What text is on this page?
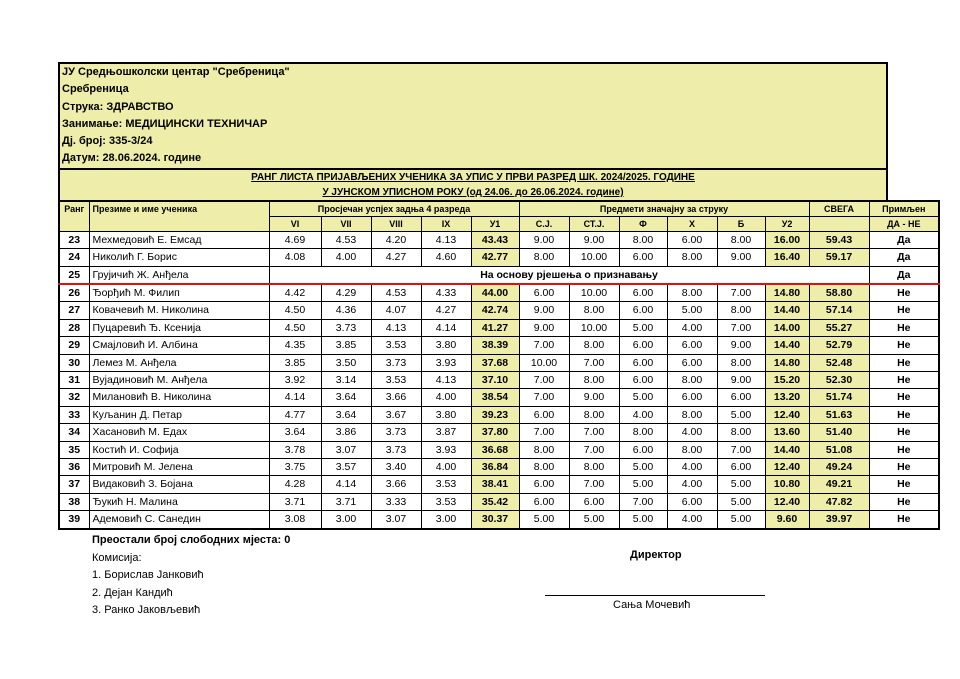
ЈУ Средњошколски центар "Сребреница"
Сребреница
Струка: ЗДРАВСТВО
Занимање: МЕДИЦИНСКИ ТЕХНИЧАР
Дј. број: 335-3/24
Датум: 28.06.2024. године
РАНГ ЛИСТА ПРИЈАВЉЕНИХ УЧЕНИКА ЗА УПИС У ПРВИ РАЗРЕД ШК. 2024/2025. ГОДИНЕ
У ЈУНСКОМ УПИСНОМ РОКУ (од 24.06. до 26.06.2024. године)
Ранг	Презиме и име ученика	Просјечан успјех задња 4 разреда					Предмети значајну за струку						СВЕГА	Примљен
		VI	VII	VIII	IX	У1	С.Ј.	СТ.Ј.	Ф	Х	Б	У2		ДА - НЕ
23	Мехмедовић Е. Емсад	4.69	4.53	4.20	4.13	43.43	9.00	9.00	8.00	6.00	8.00	16.00	59.43	Да
24	Николић Г. Борис	4.08	4.00	4.27	4.60	42.77	8.00	10.00	6.00	8.00	9.00	16.40	59.17	Да
25	Грујичић Ж. Анђела	На основу рјешења о признавању												Да
26	Ђорђић М. Филип	4.42	4.29	4.53	4.33	44.00	6.00	10.00	6.00	8.00	7.00	14.80	58.80	Не
27	Ковачевић М. Николина	4.50	4.36	4.07	4.27	42.74	9.00	8.00	6.00	5.00	8.00	14.40	57.14	Не
28	Пуцаревић Ђ. Ксенија	4.50	3.73	4.13	4.14	41.27	9.00	10.00	5.00	4.00	7.00	14.00	55.27	Не
29	Смајловић И. Албина	4.35	3.85	3.53	3.80	38.39	7.00	8.00	6.00	6.00	9.00	14.40	52.79	Не
30	Лемез М. Анђела	3.85	3.50	3.73	3.93	37.68	10.00	7.00	6.00	6.00	8.00	14.80	52.48	Не
31	Вујадиновић М. Анђела	3.92	3.14	3.53	4.13	37.10	7.00	8.00	6.00	8.00	9.00	15.20	52.30	Не
32	Милановић В. Николина	4.14	3.64	3.66	4.00	38.54	7.00	9.00	5.00	6.00	6.00	13.20	51.74	Не
33	Куљанин Д. Петар	4.77	3.64	3.67	3.80	39.23	6.00	8.00	4.00	8.00	5.00	12.40	51.63	Не
34	Хасановић М. Едах	3.64	3.86	3.73	3.87	37.80	7.00	7.00	8.00	4.00	8.00	13.60	51.40	Не
35	Костић И. Софија	3.78	3.07	3.73	3.93	36.68	8.00	7.00	6.00	8.00	7.00	14.40	51.08	Не
36	Митровић М. Јелена	3.75	3.57	3.40	4.00	36.84	8.00	8.00	5.00	4.00	6.00	12.40	49.24	Не
37	Видаковић З. Бојана	4.28	4.14	3.66	3.53	38.41	6.00	7.00	5.00	4.00	5.00	10.80	49.21	Не
38	Ђукић Н. Малина	3.71	3.71	3.33	3.53	35.42	6.00	6.00	7.00	6.00	5.00	12.40	47.82	Не
39	Адемовић С. Санедин	3.08	3.00	3.07	3.00	30.37	5.00	5.00	5.00	4.00	5.00	9.60	39.97	Не
Преостали број слободних мјеста: 0
Комисија:
1. Борислав Јанковић
2. Дејан Кандић
3. Ранко Јаковљевић
Директор
Сања Мочевић
